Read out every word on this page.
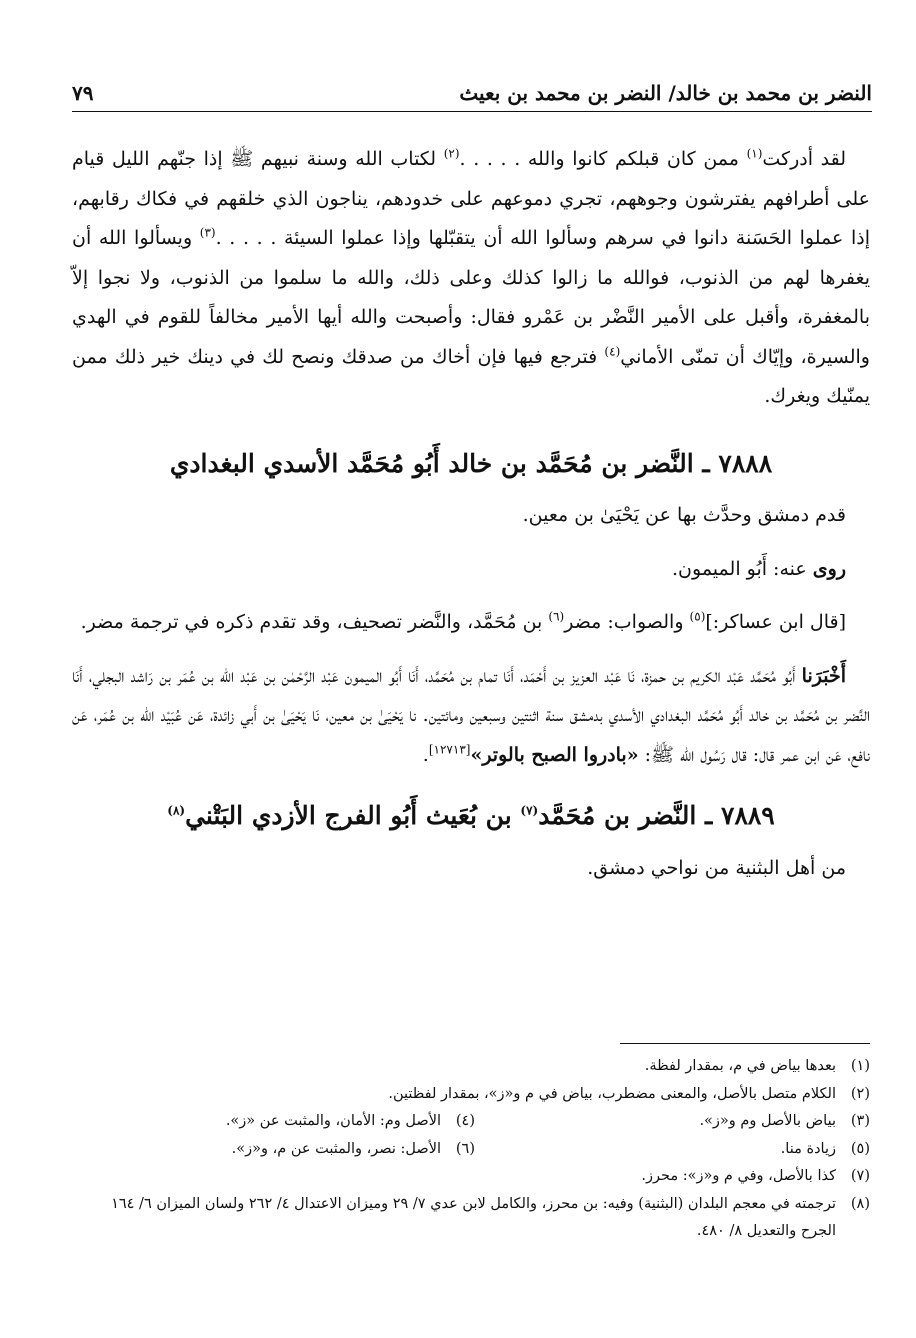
النضر بن محمد بن خالد/ النضر بن محمد بن بعيث
٧٩

لقد أدركت$^{(١)}$ ممن كان قبلكم كانوا والله . . . . .$^{(٢)}$ لكتاب الله وسنة نبيهم ﷺ إذا جنّهم الليل قيام على أطرافهم يفترشون وجوههم، تجري دموعهم على خدودهم، يناجون الذي خلقهم في فكاك رقابهم، إذا عملوا الحَسَنة دانوا في سرهم وسألوا الله أن يتقبّلها وإذا عملوا السيئة . . . . .$^{(٣)}$ ويسألوا الله أن يغفرها لهم من الذنوب، فوالله ما زالوا كذلك وعلى ذلك، والله ما سلموا من الذنوب، ولا نجوا إلاّ بالمغفرة، وأقبل على الأمير النَّضْر بن عَمْرو فقال: وأصبحت والله أيها الأمير مخالفاً للقوم في الهدي والسيرة، وإيّاك أن تمنّى الأماني$^{(٤)}$ فترجع فيها فإن أخاك من صدقك ونصح لك في دينك خير ذلك ممن يمنّيك ويغرك.

٧٨٨٨ ـ النَّضر بن مُحَمَّد بن خالد أَبُو مُحَمَّد الأسدي البغدادي

قدم دمشق وحدَّث بها عن يَحْيَىٰ بن معين.

روى عنه: أَبُو الميمون.

[قال ابن عساكر:]$^{(٥)}$ والصواب: مضر$^{(٦)}$ بن مُحَمَّد، والنَّضر تصحيف، وقد تقدم ذكره في ترجمة مضر.

أَخْبَرَنا أَبُو مُحَمَّد عَبْد الكريم بن حمزة، نَا عَبْد العزيز بن أَحْمَد، أَنَا تمام بن مُحَمَّد، أَنَا أَبُو الميمون عَبْد الرَّحْمٰن بن عَبْد اللّه بن عُمَر بن رَاشد البجلي، أَنَا النَّضر بن مُحَمَّد بن خالد أَبُو مُحَمَّد البغدادي الأسدي بدمشق سنة اثنتين وسبعين ومائتين. نا يَحْيَىٰ بن معين، نَا يَحْيَىٰ بن أَبي زائدة، عَن عُبَيْد اللّه بن عُمَر، عَن نافع، عَن ابن عمر قال: قال رَسُول الله ﷺ: «بادروا الصبح بالوتر»[١٢٧١٣].

٧٨٨٩ ـ النَّضر بن مُحَمَّد$^{(٧)}$ بن بُعَيث أَبُو الفرج الأزدي البَتْني$^{(٨)}$

من أهل البثنية من نواحي دمشق.

(١)
بعدها بياض في م، بمقدار لفظة.
(٢)
الكلام متصل بالأصل، والمعنى مضطرب، بياض في م و«ز»، بمقدار لفظتين.
(٣)
بياض بالأصل وم و«ز».
(٤)
الأصل وم: الأمان، والمثبت عن «ز».
(٥)
زيادة منا.
(٦)
الأصل: نصر، والمثبت عن م، و«ز».
(٧)
كذا بالأصل، وفي م و«ز»: محرز.
(٨)
ترجمته في معجم البلدان (البثنية) وفيه: بن محرز، والكامل لابن عدي ٧/ ٢٩ وميزان الاعتدال ٤/ ٢٦٢ ولسان الميزان ٦/ ١٦٤ الجرح والتعديل ٨/ ٤٨٠.
